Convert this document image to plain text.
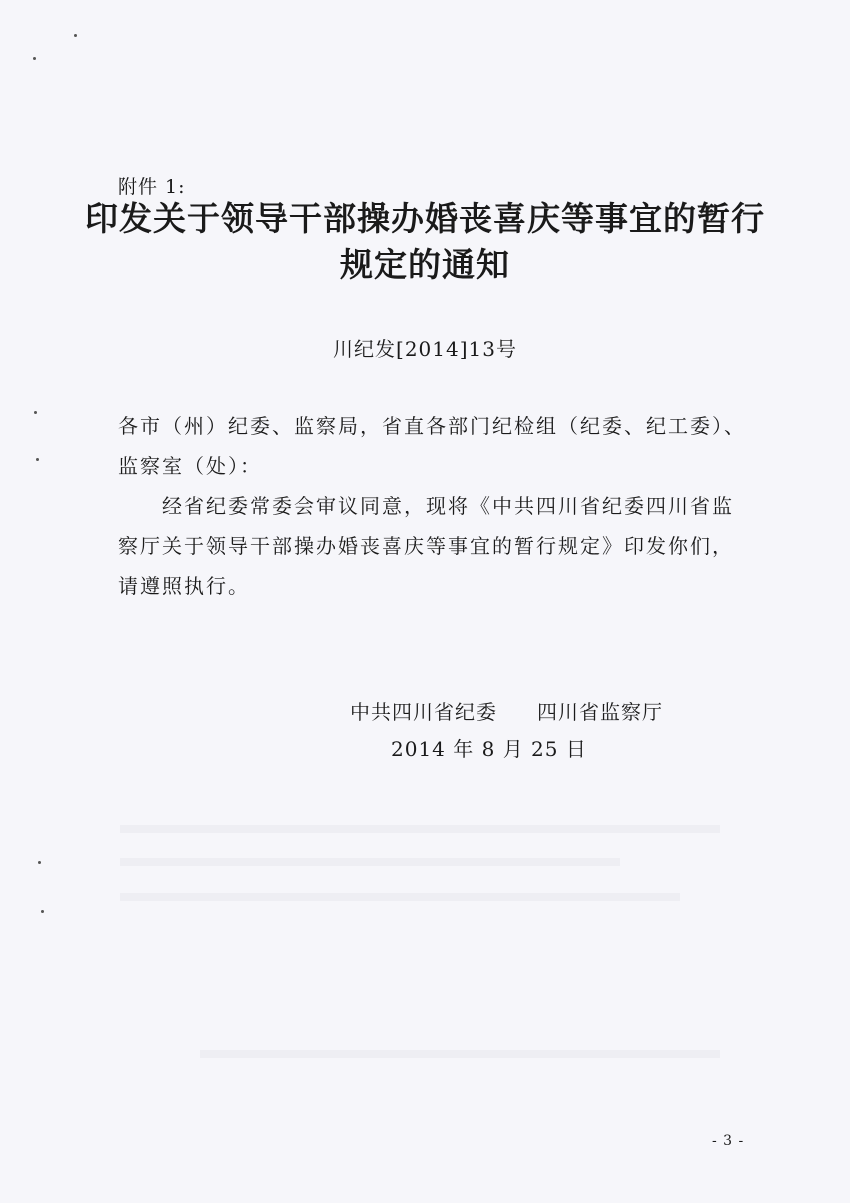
附件 1:
印发关于领导干部操办婚丧喜庆等事宜的暂行
规定的通知
川纪发[2014]13号

各市（州）纪委、监察局，省直各部门纪检组（纪委、纪工委）、

监察室（处）：

经省纪委常委会审议同意，现将《中共四川省纪委四川省监

察厅关于领导干部操办婚丧喜庆等事宜的暂行规定》印发你们，

请遵照执行。

中共四川省纪委 四川省监察厅
2014 年 8 月 25 日
- 3 -
